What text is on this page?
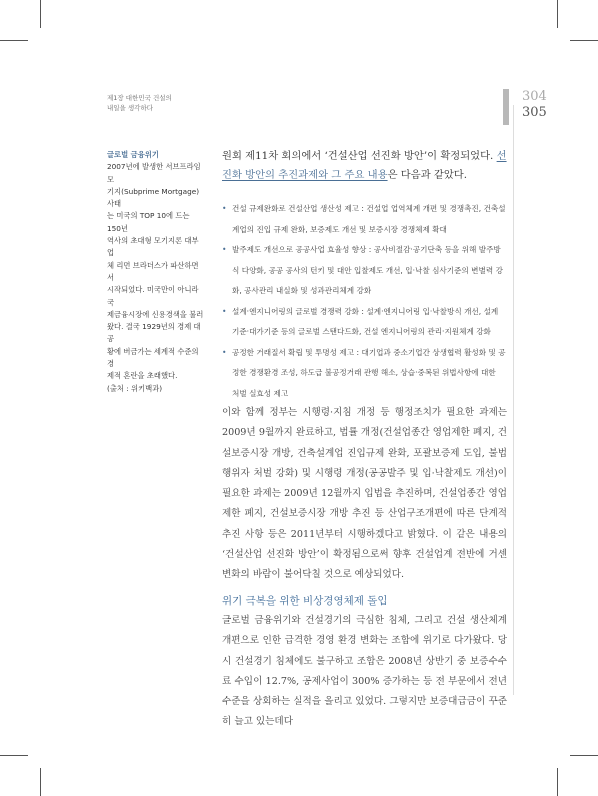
제1장 대한민국 건설의
내일을 생각하다
304
305
글로벌 금융위기
2007년에 발생한 서브프라임 모
기지(Subprime Mortgage) 사태
는 미국의 TOP 10에 드는 150년
역사의 초대형 모기지론 대부업
체 리먼 브라더스가 파산하면서
시작되었다. 미국만이 아니라 국
제금융시장에 신용경색을 불러
왔다. 결국 1929년의 경제 대공
황에 버금가는 세계적 수준의 경
제적 혼란을 초래했다.
(출처 : 위키백과)
원회 제11차 회의에서 ‘건설산업 선진화 방안’이 확정되었다. 선진화 방안의 추진과제와 그 주요 내용은 다음과 같았다.
• 건설 규제완화로 건설산업 생산성 제고 : 건설업 업역체계 개편 및 경쟁촉진, 건축설
계업의 진입 규제 완화, 보증제도 개선 및 보증시장 경쟁체제 확대
• 발주제도 개선으로 공공사업 효율성 향상 : 공사비절감·공기단축 등을 위해 발주방
식 다양화, 공공 공사의 턴키 및 대안 입찰제도 개선, 입·낙찰 심사기준의 변별력 강
화, 공사관리 내실화 및 성과관리체계 강화
• 설계·엔지니어링의 글로벌 경쟁력 강화 : 설계·엔지니어링 입·낙찰방식 개선, 설계
기준·대가기준 등의 글로벌 스탠다드화, 건설 엔지니어링의 관리·지원체계 강화
• 공정한 거래질서 확립 및 투명성 제고 : 대기업과 중소기업간 상생협력 활성화 및 공
정한 경쟁환경 조성, 하도급 불공정거래 관행 해소, 상습·중복된 위법사항에 대한
처벌 실효성 제고
이와 함께 정부는 시행령·지침 개정 등 행정조치가 필요한 과제는 2009년 9월까지 완료하고, 법률 개정(건설업종간 영업제한 폐지, 건설보증시장 개방, 건축설계업 진입규제 완화, 포괄보증제 도입, 불법행위자 처벌 강화) 및 시행령 개정(공공발주 및 입·낙찰제도 개선)이 필요한 과제는 2009년 12월까지 입법을 추진하며, 건설업종간 영업제한 폐지, 건설보증시장 개방 추진 등 산업구조개편에 따른 단계적 추진 사항 등은 2011년부터 시행하겠다고 밝혔다. 이 같은 내용의 ‘건설산업 선진화 방안’이 확정됨으로써 향후 건설업계 전반에 거센 변화의 바람이 불어닥칠 것으로 예상되었다.
위기 극복을 위한 비상경영체제 돌입
글로벌 금융위기와 건설경기의 극심한 침체, 그리고 건설 생산체계 개편으로 인한 급격한 경영 환경 변화는 조합에 위기로 다가왔다. 당시 건설경기 침체에도 불구하고 조합은 2008년 상반기 중 보증수수료 수입이 12.7%, 공제사업이 300% 증가하는 등 전 부문에서 전년 수준을 상회하는 실적을 올리고 있었다. 그렇지만 보증대급금이 꾸준히 늘고 있는데다
